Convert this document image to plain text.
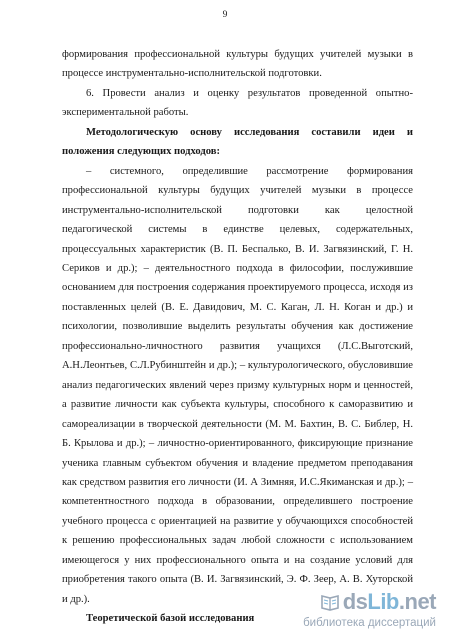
9

формирования профессиональной культуры будущих учителей музыки в процессе инструментально-исполнительской подготовки.

6. Провести анализ и оценку результатов проведенной опытно-экспериментальной работы.

Методологическую основу исследования составили идеи и положения следующих подходов:

– системного, определившие рассмотрение формирования профессиональной культуры будущих учителей музыки в процессе инструментально-исполнительской подготовки как целостной педагогической системы в единстве целевых, содержательных, процессуальных характеристик (В. П. Беспалько, В. И. Загвязинский, Г. Н. Сериков и др.); – деятельностного подхода в философии, послужившие основанием для построения содержания проектируемого процесса, исходя из поставленных целей (В. Е. Давидович, М. С. Каган, Л. Н. Коган и др.) и психологии, позволившие выделить результаты обучения как достижение профессионально-личностного развития учащихся (Л.С.Выготский, А.Н.Леонтьев, С.Л.Рубинштейн и др.); – культурологического, обусловившие анализ педагогических явлений через призму культурных норм и ценностей, а развитие личности как субъекта культуры, способного к саморазвитию и самореализации в творческой деятельности (М. М. Бахтин, В. С. Библер, Н. Б. Крылова и др.); – личностно-ориентированного, фиксирующие признание ученика главным субъектом обучения и владение предметом преподавания как средством развития его личности (И. А Зимняя, И.С.Якиманская и др.); – компетентностного подхода в образовании, определившего построение учебного процесса с ориентацией на развитие у обучающихся способностей к решению профессиональных задач любой сложности с использованием имеющегося у них профессионального опыта и на создание условий для приобретения такого опыта (В. И. Загвязинский, Э. Ф. Зеер, А. В. Хуторской и др.).

Теоретической базой исследования

ds Lib . net
библиотека диссертаций
